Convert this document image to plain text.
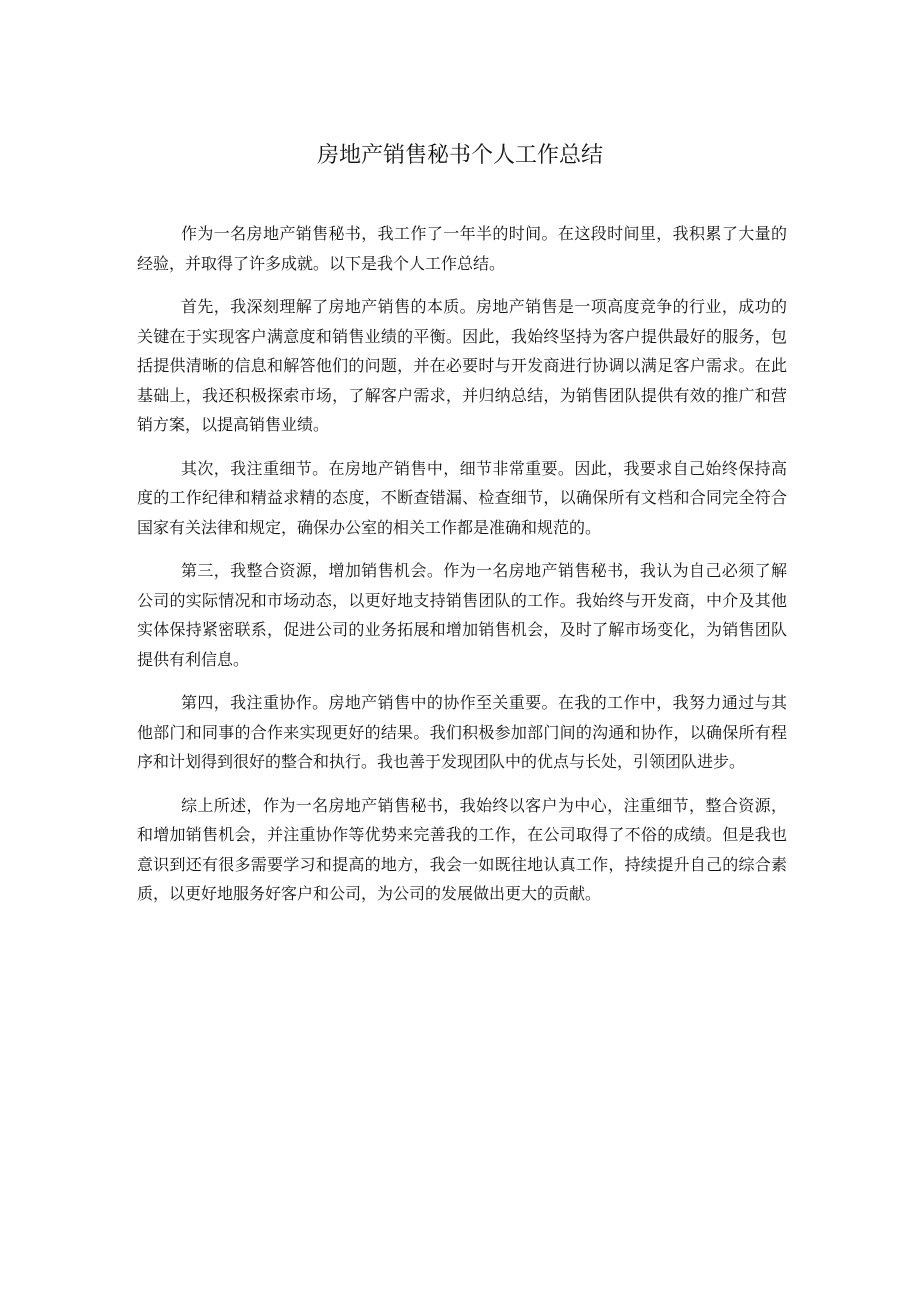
房地产销售秘书个人工作总结

作为一名房地产销售秘书，我工作了一年半的时间。在这段时间里，我积累了大量的经验，并取得了许多成就。以下是我个人工作总结。

首先，我深刻理解了房地产销售的本质。房地产销售是一项高度竞争的行业，成功的关键在于实现客户满意度和销售业绩的平衡。因此，我始终坚持为客户提供最好的服务，包括提供清晰的信息和解答他们的问题，并在必要时与开发商进行协调以满足客户需求。在此基础上，我还积极探索市场，了解客户需求，并归纳总结，为销售团队提供有效的推广和营销方案，以提高销售业绩。

其次，我注重细节。在房地产销售中，细节非常重要。因此，我要求自己始终保持高度的工作纪律和精益求精的态度，不断查错漏、检查细节，以确保所有文档和合同完全符合国家有关法律和规定，确保办公室的相关工作都是准确和规范的。

第三，我整合资源，增加销售机会。作为一名房地产销售秘书，我认为自己必须了解公司的实际情况和市场动态，以更好地支持销售团队的工作。我始终与开发商，中介及其他实体保持紧密联系，促进公司的业务拓展和增加销售机会，及时了解市场变化，为销售团队提供有利信息。

第四，我注重协作。房地产销售中的协作至关重要。在我的工作中，我努力通过与其他部门和同事的合作来实现更好的结果。我们积极参加部门间的沟通和协作，以确保所有程序和计划得到很好的整合和执行。我也善于发现团队中的优点与长处，引领团队进步。

综上所述，作为一名房地产销售秘书，我始终以客户为中心，注重细节，整合资源，和增加销售机会，并注重协作等优势来完善我的工作，在公司取得了不俗的成绩。但是我也意识到还有很多需要学习和提高的地方，我会一如既往地认真工作，持续提升自己的综合素质，以更好地服务好客户和公司，为公司的发展做出更大的贡献。
